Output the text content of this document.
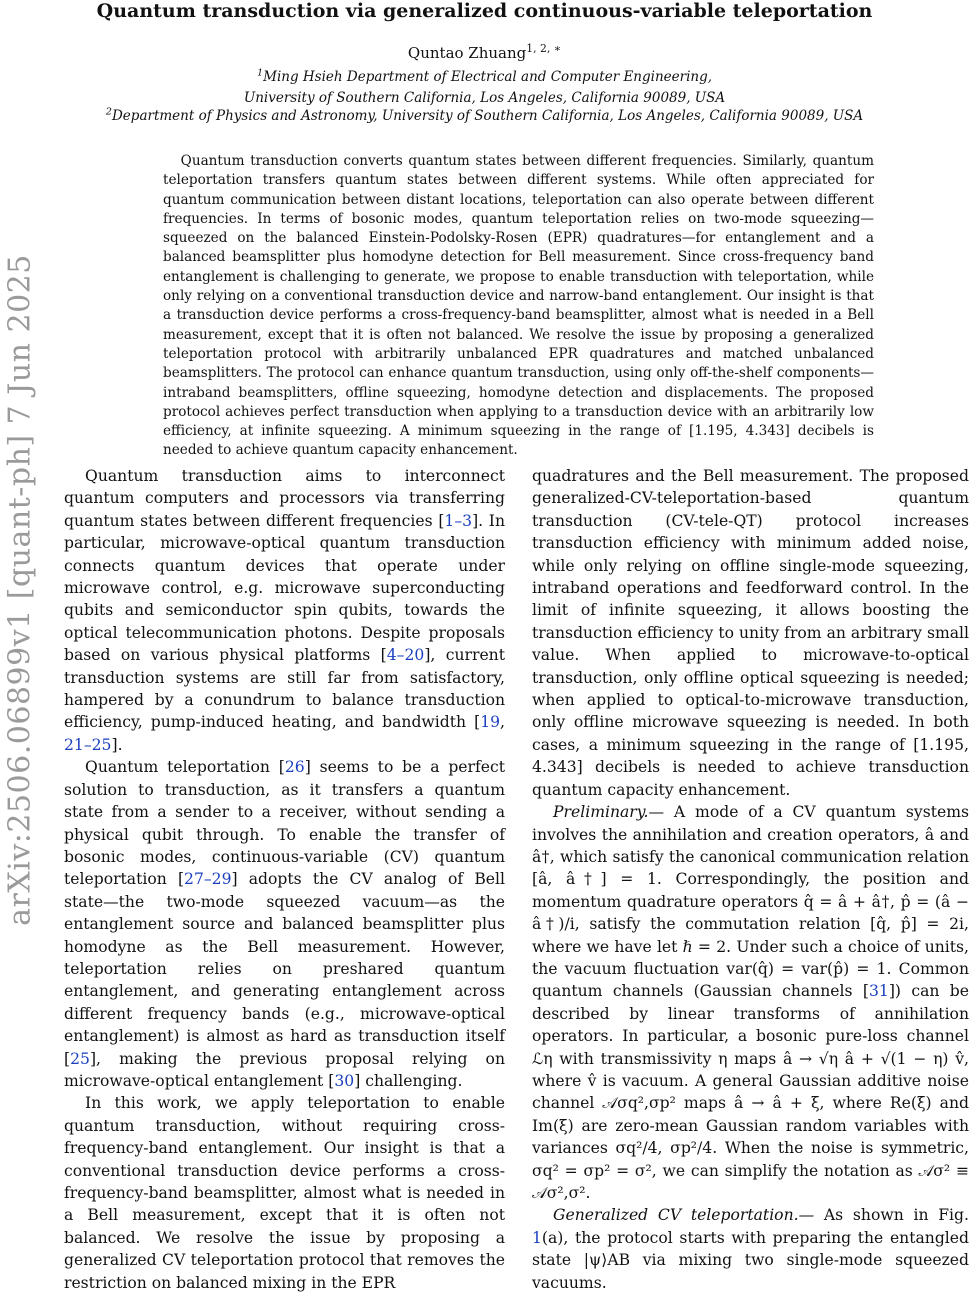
Quantum transduction via generalized continuous-variable teleportation
Quntao Zhuang$^{1, 2, ∗}$
$^1$Ming Hsieh Department of Electrical and Computer Engineering,
University of Southern California, Los Angeles, California 90089, USA
$^2$Department of Physics and Astronomy, University of Southern California, Los Angeles, California 90089, USA
Quantum transduction converts quantum states between different frequencies. Similarly, quantum teleportation transfers quantum states between different systems. While often appreciated for quantum communication between distant locations, teleportation can also operate between different frequencies. In terms of bosonic modes, quantum teleportation relies on two-mode squeezing—squeezed on the balanced Einstein-Podolsky-Rosen (EPR) quadratures—for entanglement and a balanced beamsplitter plus homodyne detection for Bell measurement. Since cross-frequency band entanglement is challenging to generate, we propose to enable transduction with teleportation, while only relying on a conventional transduction device and narrow-band entanglement. Our insight is that a transduction device performs a cross-frequency-band beamsplitter, almost what is needed in a Bell measurement, except that it is often not balanced. We resolve the issue by proposing a generalized teleportation protocol with arbitrarily unbalanced EPR quadratures and matched unbalanced beamsplitters. The protocol can enhance quantum transduction, using only off-the-shelf components—intraband beamsplitters, offline squeezing, homodyne detection and displacements. The proposed protocol achieves perfect transduction when applying to a transduction device with an arbitrarily low efficiency, at infinite squeezing. A minimum squeezing in the range of [1.195, 4.343] decibels is needed to achieve quantum capacity enhancement.
arXiv:2506.06899v1 [quant-ph] 7 Jun 2025	Quantum transduction aims to interconnect quantum computers and processors via transferring quantum states between different frequencies [1–3]. In particular, microwave-optical quantum transduction connects quantum devices that operate under microwave control, e.g. microwave superconducting qubits and semiconductor spin qubits, towards the optical telecommunication photons. Despite proposals based on various physical platforms [4–20], current transduction systems are still far from satisfactory, hampered by a conundrum to balance transduction efficiency, pump-induced heating, and bandwidth [19, 21–25].

Quantum teleportation [26] seems to be a perfect solution to transduction, as it transfers a quantum state from a sender to a receiver, without sending a physical qubit through. To enable the transfer of bosonic modes, continuous-variable (CV) quantum teleportation [27–29] adopts the CV analog of Bell state—the two-mode squeezed vacuum—as the entanglement source and balanced beamsplitter plus homodyne as the Bell measurement. However, teleportation relies on preshared quantum entanglement, and generating entanglement across different frequency bands (e.g., microwave-optical entanglement) is almost as hard as transduction itself [25], making the previous proposal relying on microwave-optical entanglement [30] challenging.

In this work, we apply teleportation to enable quantum transduction, without requiring cross-frequency-band entanglement. Our insight is that a conventional transduction device performs a cross-frequency-band beamsplitter, almost what is needed in a Bell measurement, except that it is often not balanced. We resolve the issue by proposing a generalized CV teleportation protocol that removes the restriction on balanced mixing in the EPR

quadratures and the Bell measurement. The proposed generalized-CV-teleportation-based quantum transduction (CV-tele-QT) protocol increases transduction efficiency with minimum added noise, while only relying on offline single-mode squeezing, intraband operations and feedforward control. In the limit of infinite squeezing, it allows boosting the transduction efficiency to unity from an arbitrary small value. When applied to microwave-to-optical transduction, only offline optical squeezing is needed; when applied to optical-to-microwave transduction, only offline microwave squeezing is needed. In both cases, a minimum squeezing in the range of [1.195, 4.343] decibels is needed to achieve transduction quantum capacity enhancement.

Preliminary.— A mode of a CV quantum systems involves the annihilation and creation operators, â and â†, which satisfy the canonical communication relation [â, â†] = 1. Correspondingly, the position and momentum quadrature operators q̂ = â + â†, p̂ = (â − â†)/i, satisfy the commutation relation [q̂, p̂] = 2i, where we have let ℏ = 2. Under such a choice of units, the vacuum fluctuation var(q̂) = var(p̂) = 1. Common quantum channels (Gaussian channels [31]) can be described by linear transforms of annihilation operators. In particular, a bosonic pure-loss channel ℒη with transmissivity η maps â → √η â + √(1 − η) v̂, where v̂ is vacuum. A general Gaussian additive noise channel 𝒜σq²,σp² maps â → â + ξ, where Re(ξ) and Im(ξ) are zero-mean Gaussian random variables with variances σq²/4, σp²/4. When the noise is symmetric, σq² = σp² = σ², we can simplify the notation as 𝒜σ² ≡ 𝒜σ²,σ².

Generalized CV teleportation.— As shown in Fig. 1(a), the protocol starts with preparing the entangled state |ψ⟩AB via mixing two single-mode squeezed vacuums.
